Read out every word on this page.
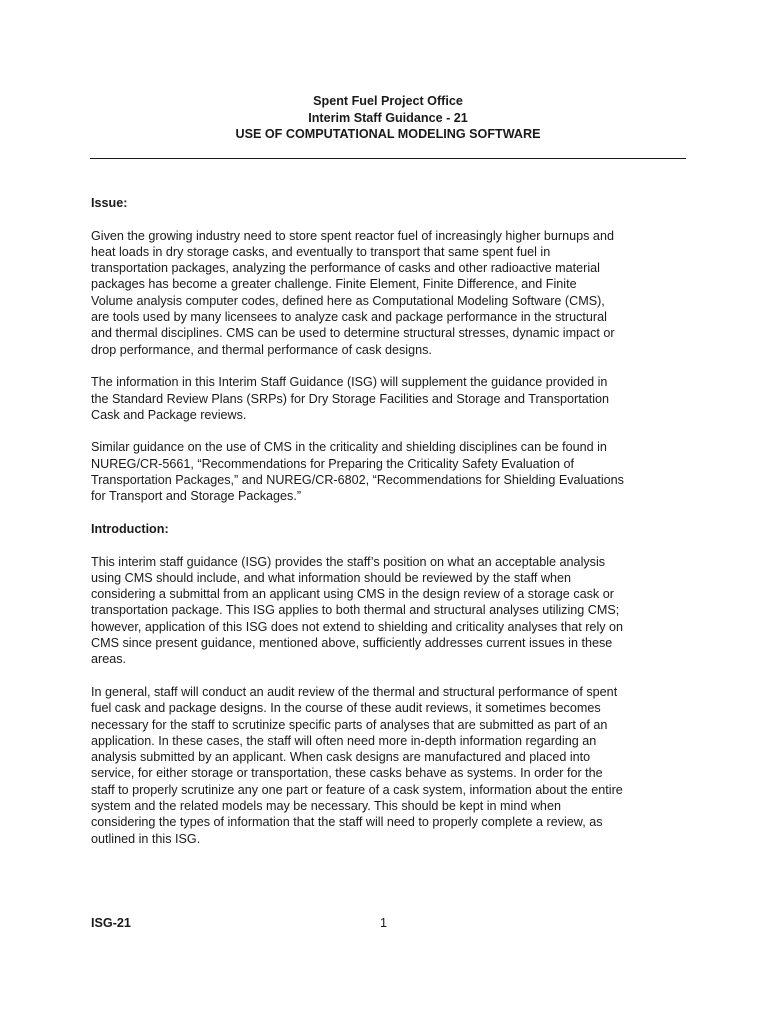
Spent Fuel Project Office
Interim Staff Guidance - 21
USE OF COMPUTATIONAL MODELING SOFTWARE
Issue:
Given the growing industry need to store spent reactor fuel of increasingly higher burnups and
heat loads in dry storage casks, and eventually to transport that same spent fuel in
transportation packages, analyzing the performance of casks and other radioactive material
packages has become a greater challenge. Finite Element, Finite Difference, and Finite
Volume analysis computer codes, defined here as Computational Modeling Software (CMS),
are tools used by many licensees to analyze cask and package performance in the structural
and thermal disciplines. CMS can be used to determine structural stresses, dynamic impact or
drop performance, and thermal performance of cask designs.
The information in this Interim Staff Guidance (ISG) will supplement the guidance provided in
the Standard Review Plans (SRPs) for Dry Storage Facilities and Storage and Transportation
Cask and Package reviews.
Similar guidance on the use of CMS in the criticality and shielding disciplines can be found in
NUREG/CR-5661, “Recommendations for Preparing the Criticality Safety Evaluation of
Transportation Packages,” and NUREG/CR-6802, “Recommendations for Shielding Evaluations
for Transport and Storage Packages.”
Introduction:
This interim staff guidance (ISG) provides the staff’s position on what an acceptable analysis
using CMS should include, and what information should be reviewed by the staff when
considering a submittal from an applicant using CMS in the design review of a storage cask or
transportation package. This ISG applies to both thermal and structural analyses utilizing CMS;
however, application of this ISG does not extend to shielding and criticality analyses that rely on
CMS since present guidance, mentioned above, sufficiently addresses current issues in these
areas.
In general, staff will conduct an audit review of the thermal and structural performance of spent
fuel cask and package designs. In the course of these audit reviews, it sometimes becomes
necessary for the staff to scrutinize specific parts of analyses that are submitted as part of an
application. In these cases, the staff will often need more in-depth information regarding an
analysis submitted by an applicant. When cask designs are manufactured and placed into
service, for either storage or transportation, these casks behave as systems. In order for the
staff to properly scrutinize any one part or feature of a cask system, information about the entire
system and the related models may be necessary. This should be kept in mind when
considering the types of information that the staff will need to properly complete a review, as
outlined in this ISG.
ISG-21	1
